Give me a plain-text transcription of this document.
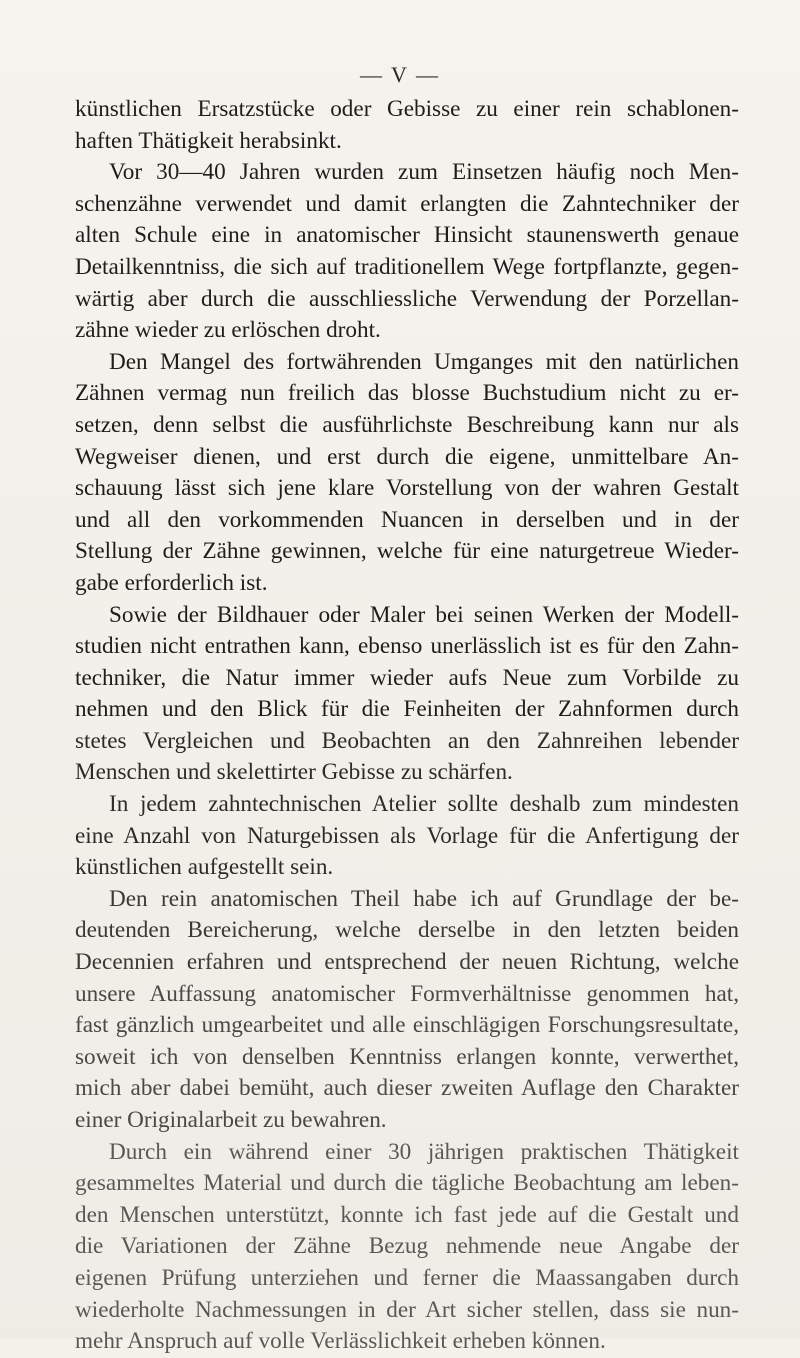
— V —
künstlichen Ersatzstücke oder Gebisse zu einer rein schablonen-
haften Thätigkeit herabsinkt.
Vor 30—40 Jahren wurden zum Einsetzen häufig noch Men-
schenzähne verwendet und damit erlangten die Zahntechniker der
alten Schule eine in anatomischer Hinsicht staunenswerth genaue
Detailkenntniss, die sich auf traditionellem Wege fortpflanzte, gegen-
wärtig aber durch die ausschliessliche Verwendung der Porzellan-
zähne wieder zu erlöschen droht.
Den Mangel des fortwährenden Umganges mit den natürlichen
Zähnen vermag nun freilich das blosse Buchstudium nicht zu er-
setzen, denn selbst die ausführlichste Beschreibung kann nur als
Wegweiser dienen, und erst durch die eigene, unmittelbare An-
schauung lässt sich jene klare Vorstellung von der wahren Gestalt
und all den vorkommenden Nuancen in derselben und in der
Stellung der Zähne gewinnen, welche für eine naturgetreue Wieder-
gabe erforderlich ist.
Sowie der Bildhauer oder Maler bei seinen Werken der Modell-
studien nicht entrathen kann, ebenso unerlässlich ist es für den Zahn-
techniker, die Natur immer wieder aufs Neue zum Vorbilde zu
nehmen und den Blick für die Feinheiten der Zahnformen durch
stetes Vergleichen und Beobachten an den Zahnreihen lebender
Menschen und skelettirter Gebisse zu schärfen.
In jedem zahntechnischen Atelier sollte deshalb zum mindesten
eine Anzahl von Naturgebissen als Vorlage für die Anfertigung der
künstlichen aufgestellt sein.
Den rein anatomischen Theil habe ich auf Grundlage der be-
deutenden Bereicherung, welche derselbe in den letzten beiden
Decennien erfahren und entsprechend der neuen Richtung, welche
unsere Auffassung anatomischer Formverhältnisse genommen hat,
fast gänzlich umgearbeitet und alle einschlägigen Forschungsresultate,
soweit ich von denselben Kenntniss erlangen konnte, verwerthet,
mich aber dabei bemüht, auch dieser zweiten Auflage den Charakter
einer Originalarbeit zu bewahren.
Durch ein während einer 30 jährigen praktischen Thätigkeit
gesammeltes Material und durch die tägliche Beobachtung am leben-
den Menschen unterstützt, konnte ich fast jede auf die Gestalt und
die Variationen der Zähne Bezug nehmende neue Angabe der
eigenen Prüfung unterziehen und ferner die Maassangaben durch
wiederholte Nachmessungen in der Art sicher stellen, dass sie nun-
mehr Anspruch auf volle Verlässlichkeit erheben können.
